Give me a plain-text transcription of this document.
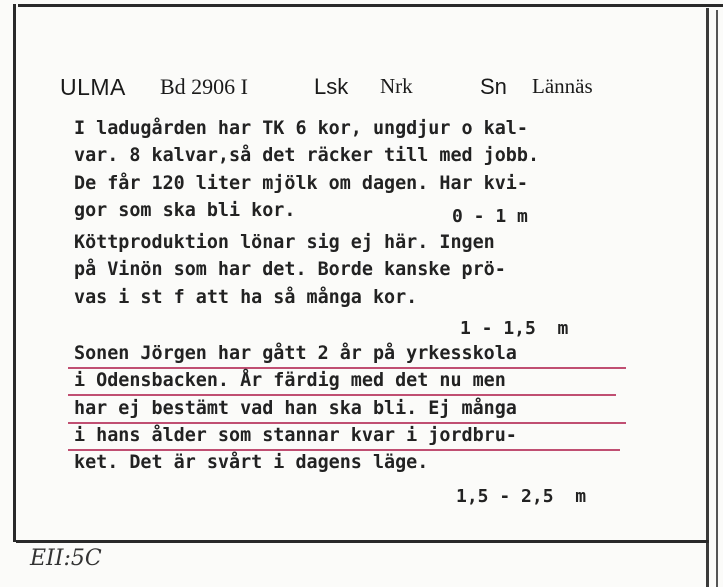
ULMA Bd 2906 I	Lsk Nrk	Sn Lännäs
I ladugården har TK 6 kor, ungdjur o kal-
var. 8 kalvar,så det räcker till med jobb.
De får 120 liter mjölk om dagen. Har kvi-
gor som ska bli kor.	0 - 1 m
Köttproduktion lönar sig ej här. Ingen
på Vinön som har det. Borde kanske prö-
vas i st f att ha så många kor.
1 - 1,5  m
Sonen Jörgen har gått 2 år på yrkesskola
i Odensbacken. År färdig med det nu men
har ej bestämt vad han ska bli. Ej många
i hans ålder som stannar kvar i jordbru-
ket. Det är svårt i dagens läge.
1,5 - 2,5  m
EII:5C
